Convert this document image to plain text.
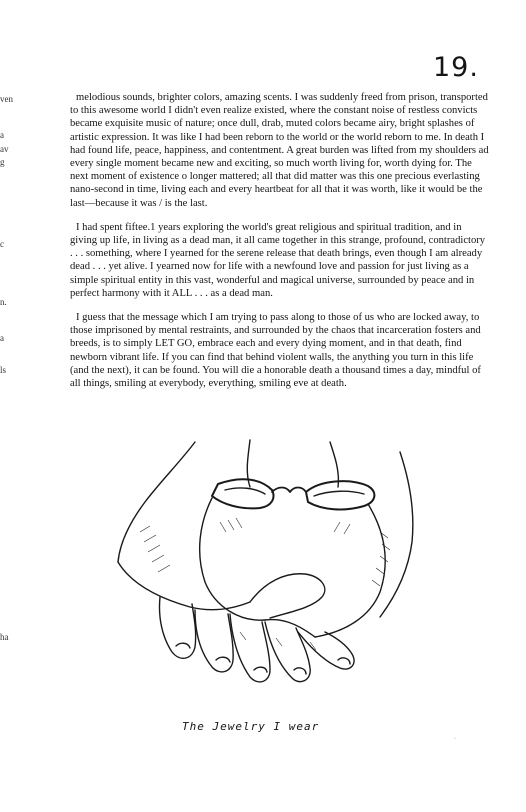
ven
a
av
g
c
n.
a
ls
ha
19.

melodious sounds, brighter colors, amazing scents. I was suddenly freed from prison, transported to this awesome world I didn't even realize existed, where the constant noise of restless convicts became exquisite music of nature; once dull, drab, muted colors became airy, bright splashes of artistic expression. It was like I had been reborn to the world or the world reborn to me. In death I had found life, peace, happiness, and contentment. A great burden was lifted from my shoulders ad every single moment became new and exciting, so much worth living for, worth dying for. The next moment of existence o longer mattered; all that did matter was this one precious everlasting nano-second in time, living each and every heartbeat for all that it was worth, like it would be the last—because it was / is the last.

I had spent fiftee.1 years exploring the world's great religious and spiritual tradition, and in giving up life, in living as a dead man, it all came together in this strange, profound, contradictory . . . something, where I yearned for the serene release that death brings, even though I am already dead . . . yet alive. I yearned now for life with a newfound love and passion for just living as a simple spiritual entity in this vast, wonderful and magical universe, surrounded by peace and in perfect harmony with it ALL . . . as a dead man.

I guess that the message which I am trying to pass along to those of us who are locked away, to those imprisoned by mental restraints, and surrounded by the chaos that incarceration fosters and breeds, is to simply LET GO, embrace each and every dying moment, and in that death, find newborn vibrant life. If you can find that behind violent walls, the anything you turn in this life (and the next), it can be found. You will die a honorable death a thousand times a day, mindful of all things, smiling at everybody, everything, smiling eve at death.

The Jewelry I wear
·
